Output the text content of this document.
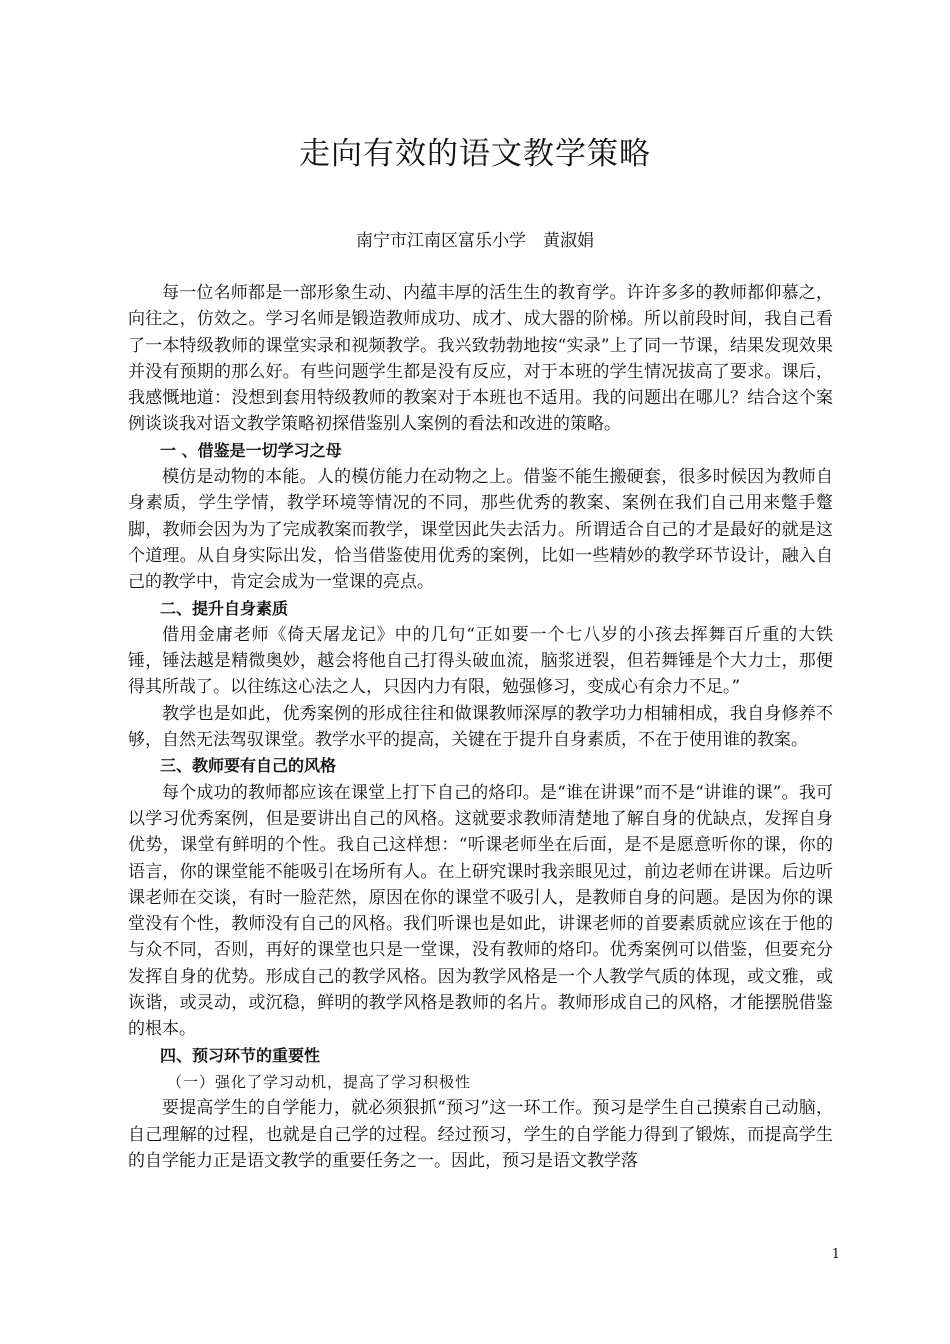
走向有效的语文教学策略
南宁市江南区富乐小学　黄淑娟

每一位名师都是一部形象生动、内蕴丰厚的活生生的教育学。许许多多的教师都仰慕之，向往之，仿效之。学习名师是锻造教师成功、成才、成大器的阶梯。所以前段时间，我自己看了一本特级教师的课堂实录和视频教学。我兴致勃勃地按“实录”上了同一节课，结果发现效果并没有预期的那么好。有些问题学生都是没有反应，对于本班的学生情况拔高了要求。课后，我感慨地道：没想到套用特级教师的教案对于本班也不适用。我的问题出在哪儿？结合这个案例谈谈我对语文教学策略初探借鉴别人案例的看法和改进的策略。

一 、借鉴是一切学习之母

模仿是动物的本能。人的模仿能力在动物之上。借鉴不能生搬硬套，很多时候因为教师自身素质，学生学情，教学环境等情况的不同，那些优秀的教案、案例在我们自己用来蹩手蹩脚，教师会因为为了完成教案而教学，课堂因此失去活力。所谓适合自己的才是最好的就是这个道理。从自身实际出发，恰当借鉴使用优秀的案例，比如一些精妙的教学环节设计，融入自己的教学中，肯定会成为一堂课的亮点。

二、提升自身素质

借用金庸老师《倚天屠龙记》中的几句“正如要一个七八岁的小孩去挥舞百斤重的大铁锤，锤法越是精微奥妙，越会将他自己打得头破血流，脑浆迸裂，但若舞锤是个大力士，那便得其所哉了。以往练这心法之人，只因内力有限，勉强修习，变成心有余力不足。”

教学也是如此，优秀案例的形成往往和做课教师深厚的教学功力相辅相成，我自身修养不够，自然无法驾驭课堂。教学水平的提高，关键在于提升自身素质，不在于使用谁的教案。

三、教师要有自己的风格

每个成功的教师都应该在课堂上打下自己的烙印。是“谁在讲课”而不是“讲谁的课”。我可以学习优秀案例，但是要讲出自己的风格。这就要求教师清楚地了解自身的优缺点，发挥自身优势，课堂有鲜明的个性。我自己这样想：“听课老师坐在后面，是不是愿意听你的课，你的语言，你的课堂能不能吸引在场所有人。在上研究课时我亲眼见过，前边老师在讲课。后边听课老师在交谈，有时一脸茫然，原因在你的课堂不吸引人，是教师自身的问题。是因为你的课堂没有个性，教师没有自己的风格。我们听课也是如此，讲课老师的首要素质就应该在于他的与众不同，否则，再好的课堂也只是一堂课，没有教师的烙印。优秀案例可以借鉴，但要充分发挥自身的优势。形成自己的教学风格。因为教学风格是一个人教学气质的体现，或文雅，或诙谐，或灵动，或沉稳，鲜明的教学风格是教师的名片。教师形成自己的风格，才能摆脱借鉴的根本。

四、预习环节的重要性
（一）强化了学习动机，提高了学习积极性

要提高学生的自学能力，就必须狠抓“预习”这一环工作。预习是学生自己摸索自己动脑，自己理解的过程，也就是自己学的过程。经过预习，学生的自学能力得到了锻炼，而提高学生的自学能力正是语文教学的重要任务之一。因此，预习是语文教学落

1
